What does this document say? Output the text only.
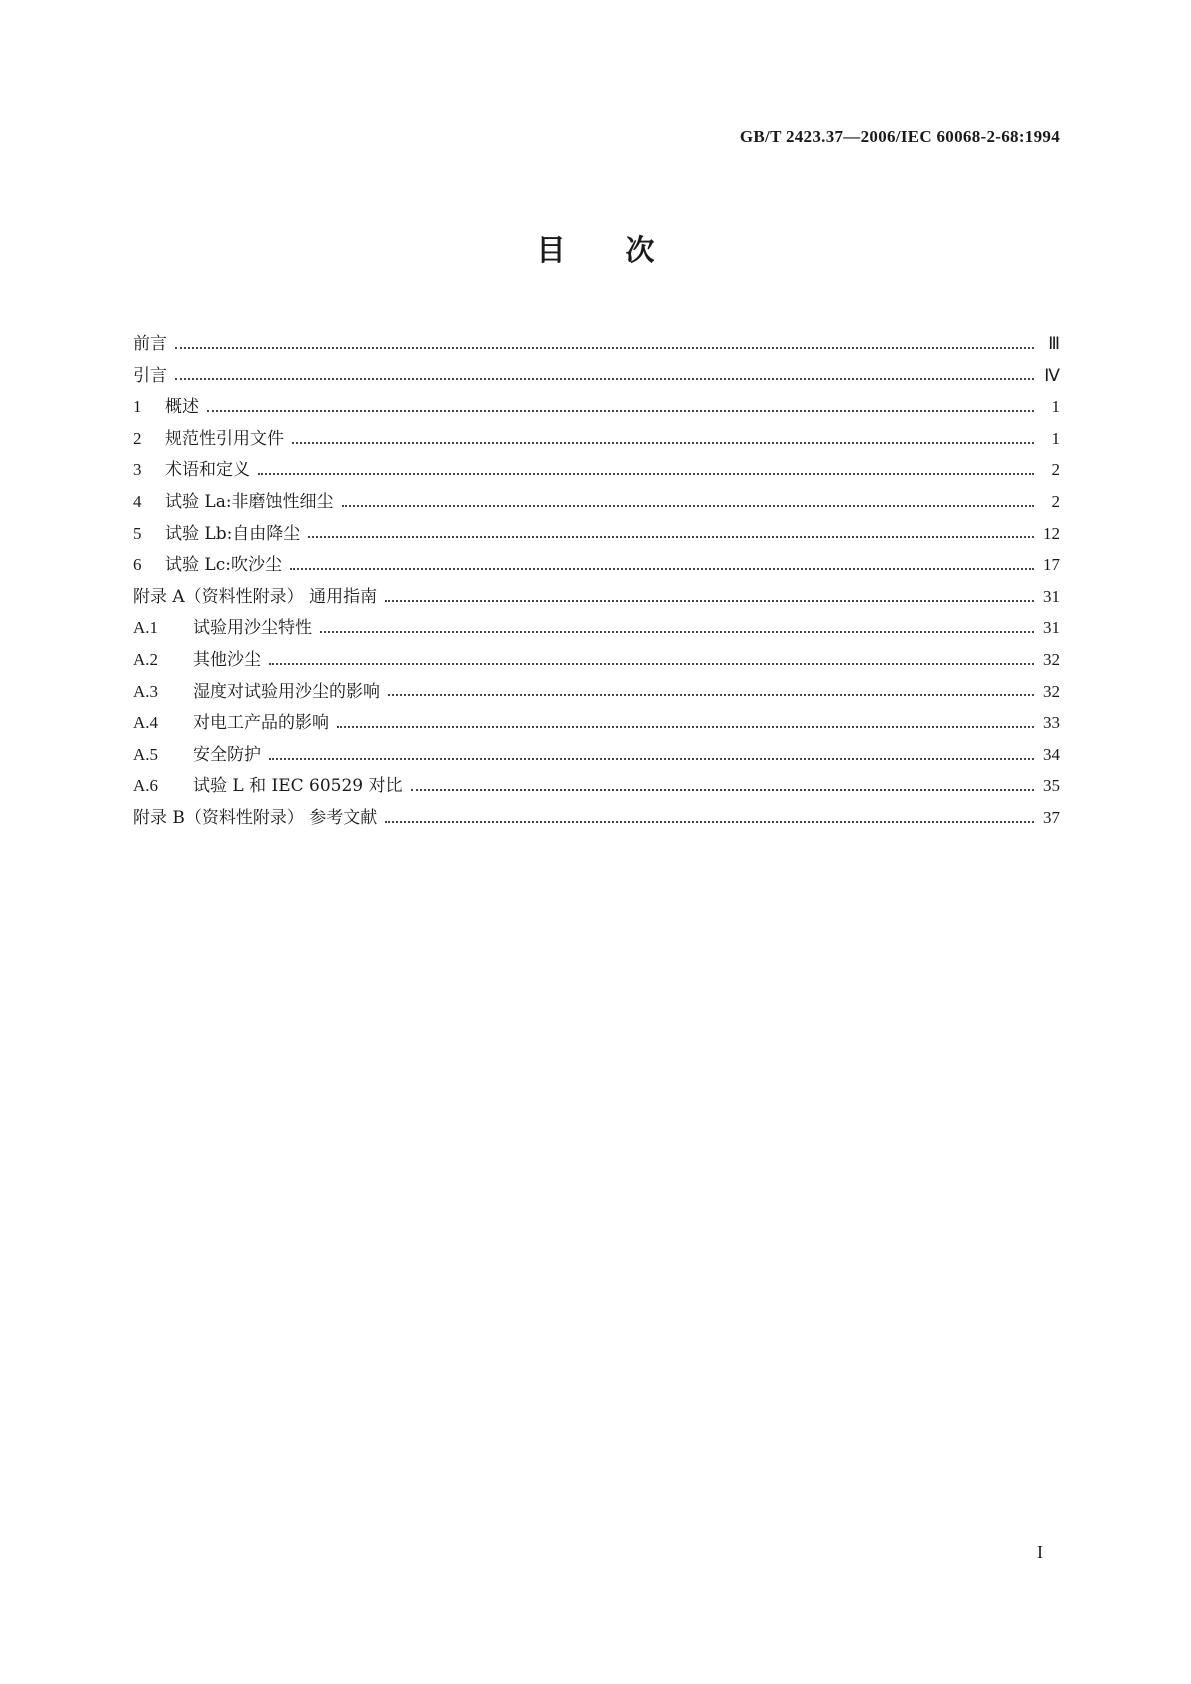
GB/T 2423.37—2006/IEC 60068-2-68:1994
目次
前言	Ⅲ
引言	Ⅳ
1	概述	1
2	规范性引用文件	1
3	术语和定义	2
4	试验 La:非磨蚀性细尘	2
5	试验 Lb:自由降尘	12
6	试验 Lc:吹沙尘	17
附录 A（资料性附录） 通用指南	31
A.1	试验用沙尘特性	31
A.2	其他沙尘	32
A.3	湿度对试验用沙尘的影响	32
A.4	对电工产品的影响	33
A.5	安全防护	34
A.6	试验 L 和 IEC 60529 对比	35
附录 B（资料性附录） 参考文献	37
I
